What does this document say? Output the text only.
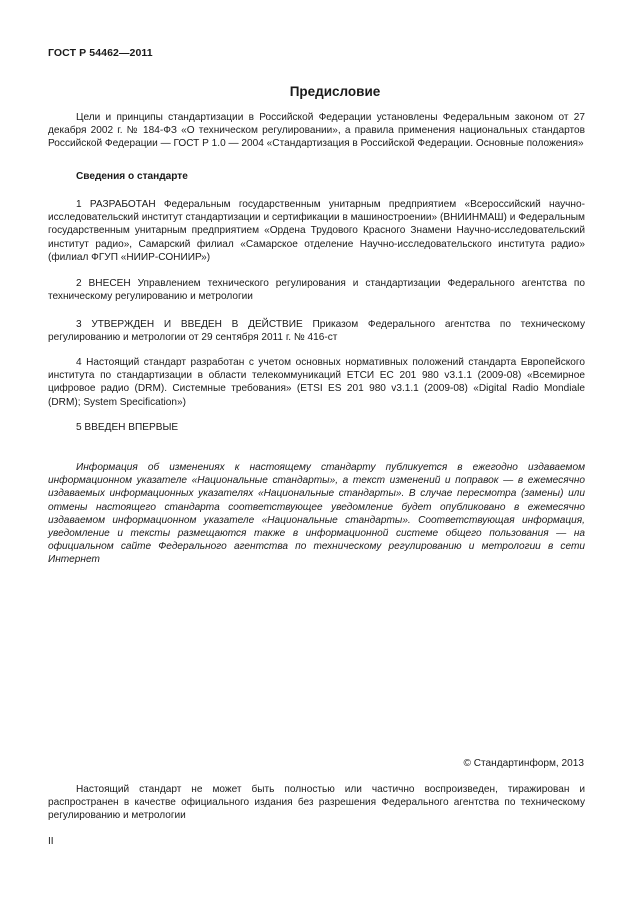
ГОСТ Р 54462—2011
Предисловие

Цели и принципы стандартизации в Российской Федерации установлены Федеральным законом от 27 декабря 2002 г. № 184-ФЗ «О техническом регулировании», а правила применения национальных стандартов Российской Федерации — ГОСТ Р 1.0 — 2004 «Стандартизация в Российской Федерации. Основные положения»

Сведения о стандарте

1 РАЗРАБОТАН Федеральным государственным унитарным предприятием «Всероссийский научно-исследовательский институт стандартизации и сертификации в машиностроении» (ВНИИНМАШ) и Федеральным государственным унитарным предприятием «Ордена Трудового Красного Знамени Научно-исследовательский институт радио», Самарский филиал «Самарское отделение Научно-исследовательского института радио» (филиал ФГУП «НИИР-СОНИИР»)

2 ВНЕСЕН Управлением технического регулирования и стандартизации Федерального агентства по техническому регулированию и метрологии

3 УТВЕРЖДЕН И ВВЕДЕН В ДЕЙСТВИЕ Приказом Федерального агентства по техническому регулированию и метрологии от 29 сентября 2011 г. № 416-ст

4 Настоящий стандарт разработан с учетом основных нормативных положений стандарта Европейского института по стандартизации в области телекоммуникаций ЕТСИ ЕС 201 980 v3.1.1 (2009-08) «Всемирное цифровое радио (DRM). Системные требования» (ETSI ES 201 980 v3.1.1 (2009-08) «Digital Radio Mondiale (DRM); System Specification»)

5 ВВЕДЕН ВПЕРВЫЕ

Информация об изменениях к настоящему стандарту публикуется в ежегодно издаваемом информационном указателе «Национальные стандарты», а текст изменений и поправок — в ежемесячно издаваемых информационных указателях «Национальные стандарты». В случае пересмотра (замены) или отмены настоящего стандарта соответствующее уведомление будет опубликовано в ежемесячно издаваемом информационном указателе «Национальные стандарты». Соответствующая информация, уведомление и тексты размещаются также в информационной системе общего пользования — на официальном сайте Федерального агентства по техническому регулированию и метрологии в сети Интернет

© Стандартинформ, 2013

Настоящий стандарт не может быть полностью или частично воспроизведен, тиражирован и распространен в качестве официального издания без разрешения Федерального агентства по техническому регулированию и метрологии

II
